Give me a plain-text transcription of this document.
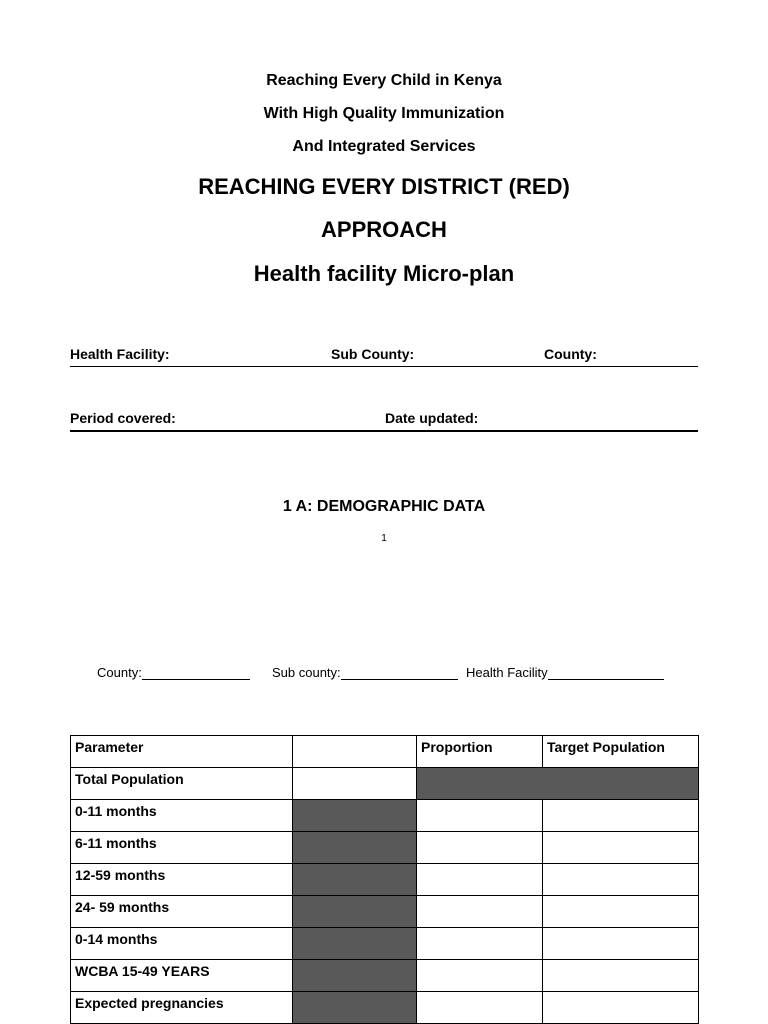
Reaching Every Child in Kenya
With High Quality Immunization
And Integrated Services
REACHING EVERY DISTRICT (RED)
APPROACH
Health facility Micro-plan
Health Facility:	Sub County:	County:
Period covered:	Date updated:
1 A: DEMOGRAPHIC DATA
1
County:	Sub county:	Health Facility
Parameter		Proportion	Target Population
Total Population			
0-11 months			
6-11 months			
12-59 months			
24- 59 months			
0-14 months			
WCBA 15-49 YEARS			
Expected pregnancies			
